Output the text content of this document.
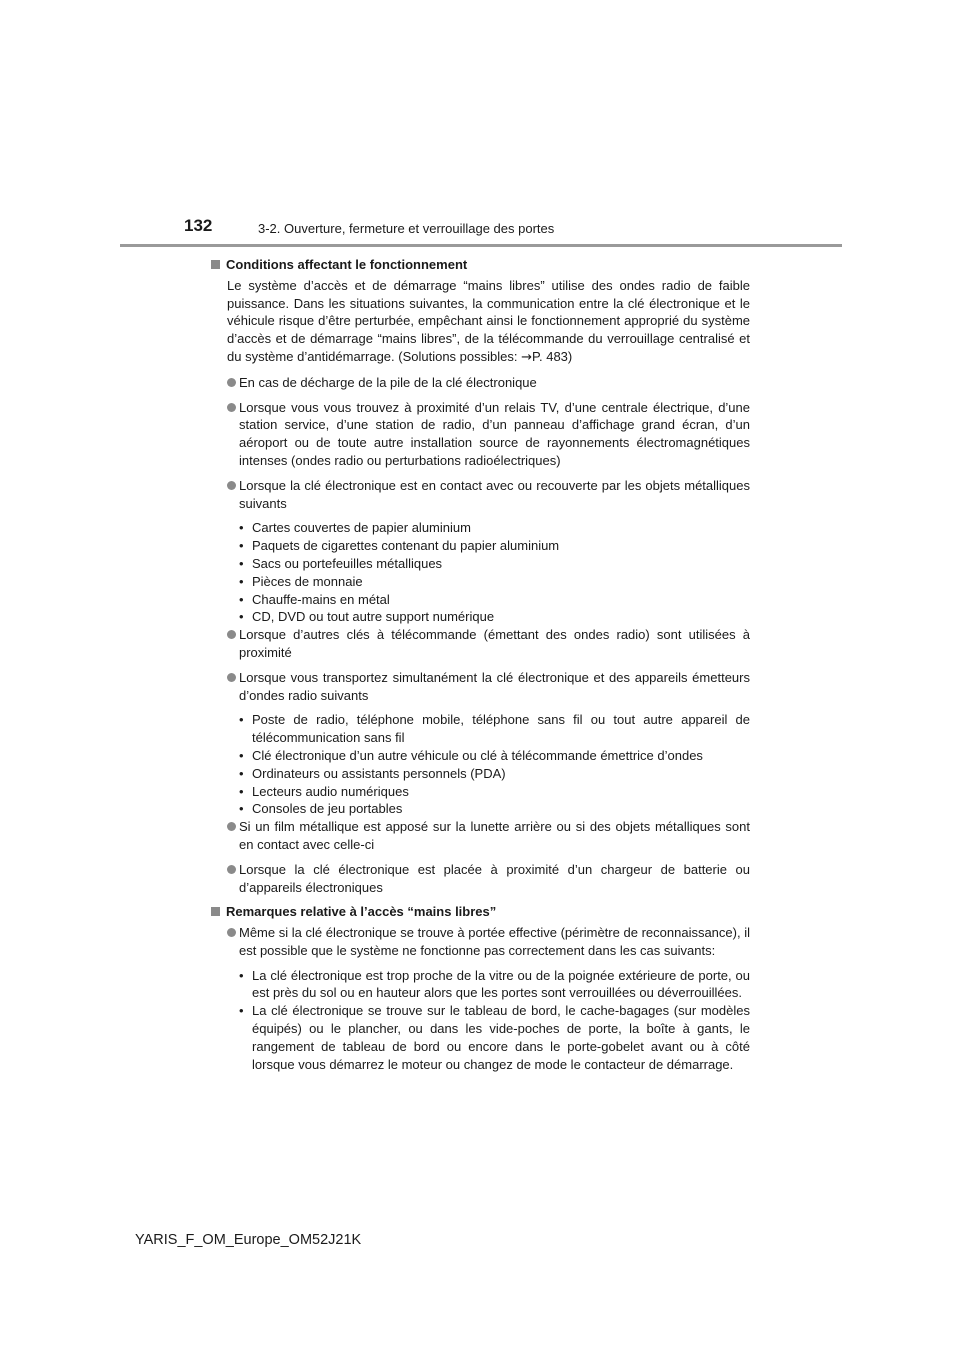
132	3-2. Ouverture, fermeture et verrouillage des portes
Conditions affectant le fonctionnement
Le système d’accès et de démarrage “mains libres” utilise des ondes radio de faible puissance. Dans les situations suivantes, la communication entre la clé électronique et le véhicule risque d’être perturbée, empêchant ainsi le fonctionnement approprié du système d’accès et de démarrage “mains libres”, de la télécommande du verrouillage centralisé et du système d’antidémarrage. (Solutions possibles: →P. 483)
En cas de décharge de la pile de la clé électronique
Lorsque vous vous trouvez à proximité d’un relais TV, d’une centrale électrique, d’une station service, d’une station de radio, d’un panneau d’affichage grand écran, d’un aéroport ou de toute autre installation source de rayonnements électromagnétiques intenses (ondes radio ou perturbations radioélectriques)
Lorsque la clé électronique est en contact avec ou recouverte par les objets métalliques suivants
• Cartes couvertes de papier aluminium
• Paquets de cigarettes contenant du papier aluminium
• Sacs ou portefeuilles métalliques
• Pièces de monnaie
• Chauffe-mains en métal
• CD, DVD ou tout autre support numérique
Lorsque d’autres clés à télécommande (émettant des ondes radio) sont utilisées à proximité
Lorsque vous transportez simultanément la clé électronique et des appareils émetteurs d’ondes radio suivants
• Poste de radio, téléphone mobile, téléphone sans fil ou tout autre appareil de télécommunication sans fil
• Clé électronique d’un autre véhicule ou clé à télécommande émettrice d’ondes
• Ordinateurs ou assistants personnels (PDA)
• Lecteurs audio numériques
• Consoles de jeu portables
Si un film métallique est apposé sur la lunette arrière ou si des objets métalliques sont en contact avec celle-ci
Lorsque la clé électronique est placée à proximité d’un chargeur de batterie ou d’appareils électroniques
Remarques relative à l’accès “mains libres”
Même si la clé électronique se trouve à portée effective (périmètre de reconnaissance), il est possible que le système ne fonctionne pas correctement dans les cas suivants:
• La clé électronique est trop proche de la vitre ou de la poignée extérieure de porte, ou est près du sol ou en hauteur alors que les portes sont verrouillées ou déverrouillées.
• La clé électronique se trouve sur le tableau de bord, le cache-bagages (sur modèles équipés) ou le plancher, ou dans les vide-poches de porte, la boîte à gants, le rangement de tableau de bord ou encore dans le porte-gobelet avant ou à côté lorsque vous démarrez le moteur ou changez de mode le contacteur de démarrage.
YARIS_F_OM_Europe_OM52J21K
